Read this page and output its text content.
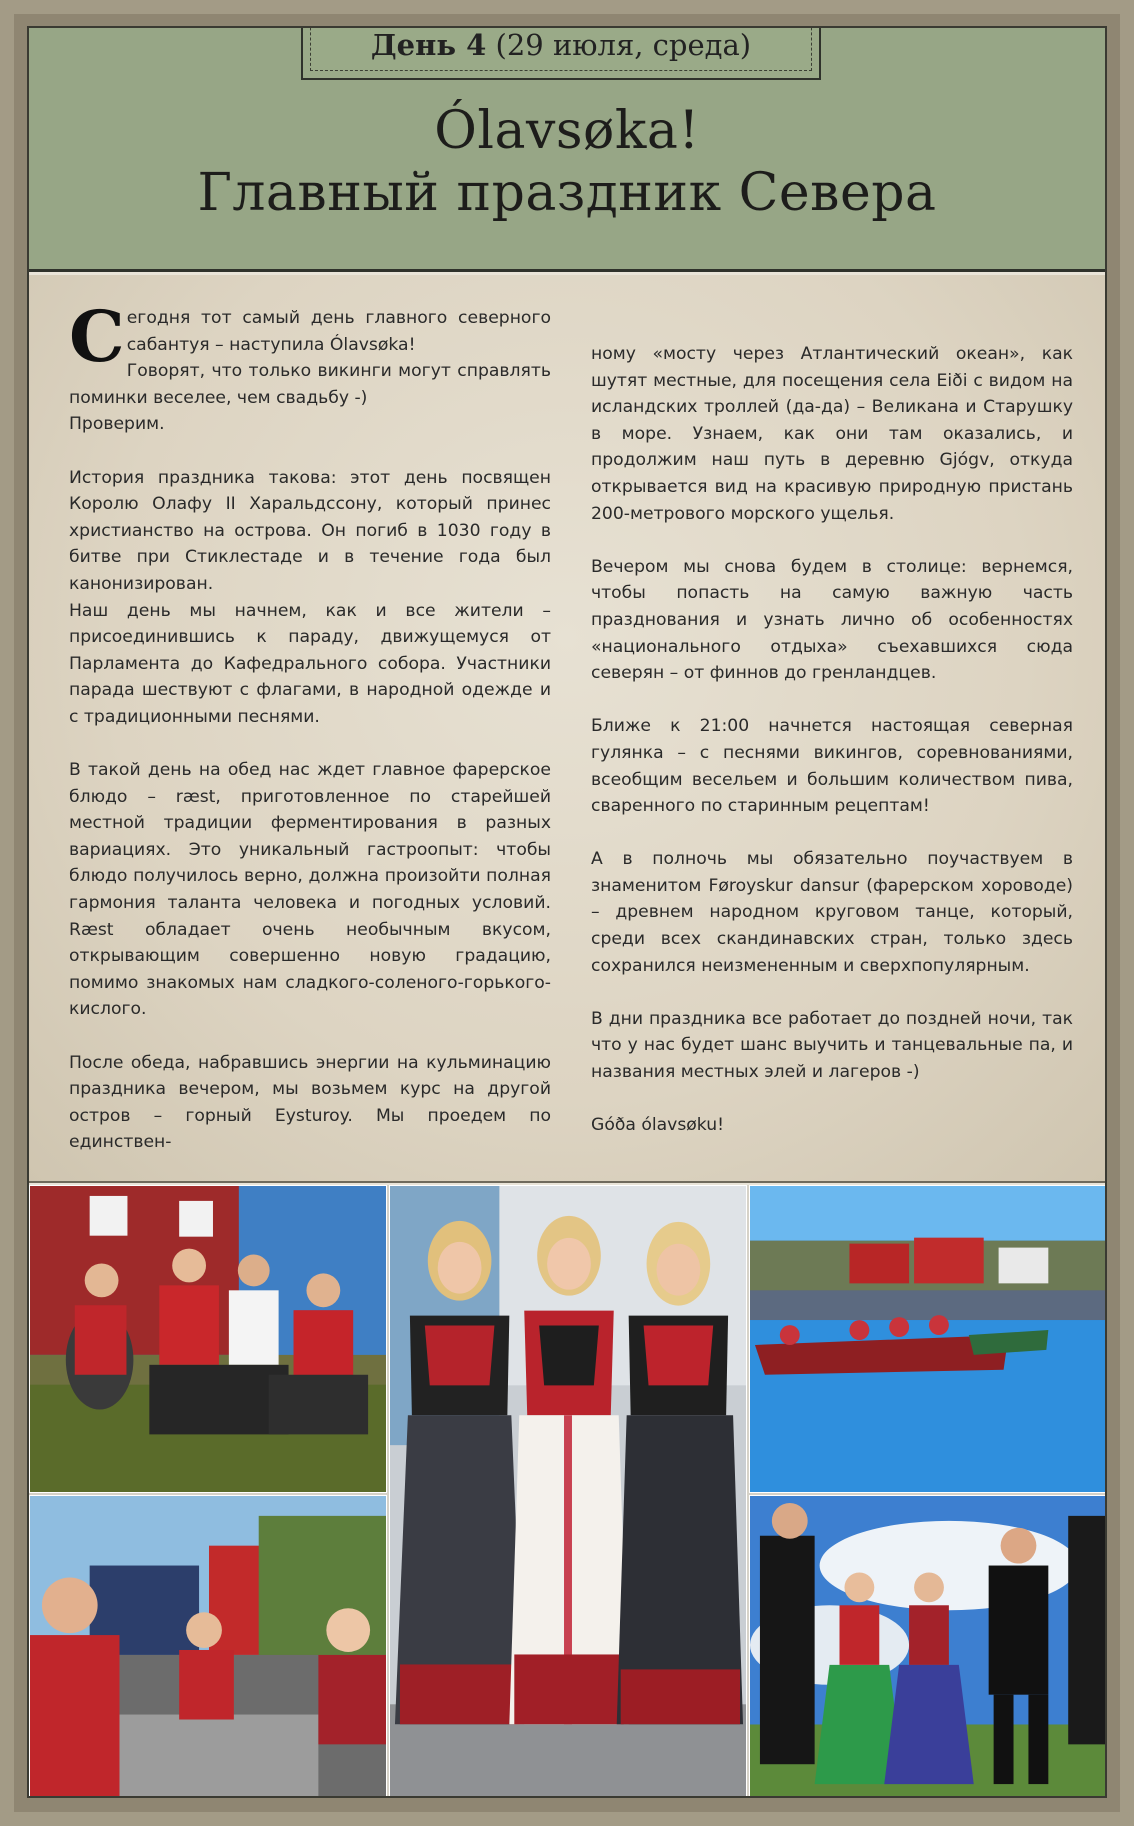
Ólavsøka!
Главный праздник Севера
День 4 (29 июля, среда)

С егодня тот самый день главного северного сабантуя – наступила Ólavsøka!

Говорят, что только викинги могут справлять поминки веселее, чем свадьбу -)

Проверим.

История праздника такова: этот день посвящен Королю Олафу II Харальдссону, который принес христианство на острова. Он погиб в 1030 году в битве при Стиклестаде и в течение года был канонизирован.

Наш день мы начнем, как и все жители – присоединившись к параду, движущемуся от Парламента до Кафедрального собора. Участники парада шествуют с флагами, в народной одежде и с традиционными песнями.

В такой день на обед нас ждет главное фарерское блюдо – ræst, приготовленное по старейшей местной традиции ферментирования в разных вариациях. Это уникальный гастроопыт: чтобы блюдо получилось верно, должна произойти полная гармония таланта человека и погодных условий. Ræst обладает очень необычным вкусом, открывающим совершенно новую градацию, помимо знакомых нам сладкого-соленого-горького-кислого.

После обеда, набравшись энергии на кульминацию праздника вечером, мы возьмем курс на другой остров – горный Eysturoy. Мы проедем по единствен-

ному «мосту через Атлантический океан», как шутят местные, для посещения села Eiði с видом на исландских троллей (да-да) – Великана и Старушку в море. Узнаем, как они там оказались, и продолжим наш путь в деревню Gjógv, откуда открывается вид на красивую природную пристань 200-метрового морского ущелья.

Вечером мы снова будем в столице: вернемся, чтобы попасть на самую важную часть празднования и узнать лично об особенностях «национального отдыха» съехавшихся сюда северян – от финнов до гренландцев.

Ближе к 21:00 начнется настоящая северная гулянка – с песнями викингов, соревнованиями, всеобщим весельем и большим количеством пива, сваренного по старинным рецептам!

А в полночь мы обязательно поучаствуем в знаменитом Føroyskur dansur (фарерском хороводе) – древнем народном круговом танце, который, среди всех скандинавских стран, только здесь сохранился неизмененным и сверхпопулярным.

В дни праздника все работает до поздней ночи, так что у нас будет шанс выучить и танцевальные па, и названия местных элей и лагеров -)

Góða ólavsøku!
